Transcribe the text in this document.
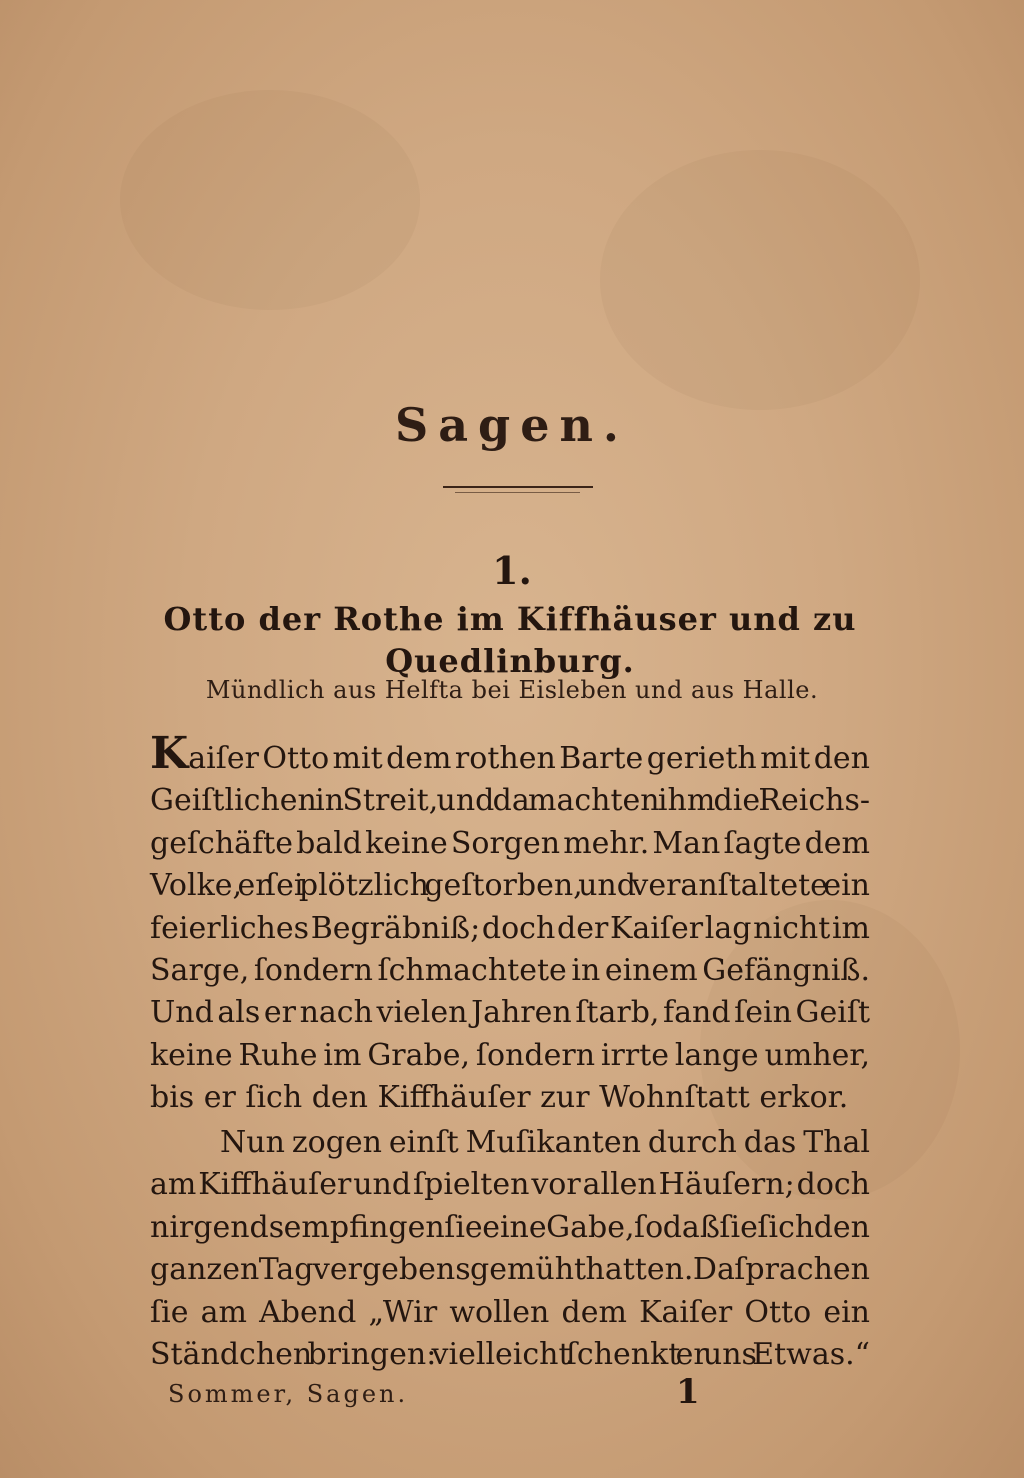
Sagen.
1.
Otto der Rothe im Kiffhäuser und zu
Quedlinburg.
Mündlich aus Helfta bei Eisleben und aus Halle.
Kaiſer Otto mit dem rothen Barte gerieth mit den
Geiſtlichen in Streit, und da machten ihm die Reichs-
geſchäfte bald keine Sorgen mehr. Man ſagte dem
Volke, er ſei plötzlich geſtorben, und veranſtaltete ein
feierliches Begräbniß; doch der Kaiſer lag nicht im
Sarge, ſondern ſchmachtete in einem Gefängniß.
Und als er nach vielen Jahren ſtarb, fand ſein Geiſt
keine Ruhe im Grabe, ſondern irrte lange umher,
bis er ſich den Kiffhäuſer zur Wohnſtatt erkor.
Nun zogen einſt Muſikanten durch das Thal
am Kiffhäuſer und ſpielten vor allen Häuſern; doch
nirgends empfingen ſie eine Gabe, ſo daß ſie ſich den
ganzen Tag vergebens gemüht hatten. Da ſprachen
ſie am Abend „Wir wollen dem Kaiſer Otto ein
Ständchen bringen: vielleicht ſchenkt er uns Etwas.“
Sommer, Sagen.	1
